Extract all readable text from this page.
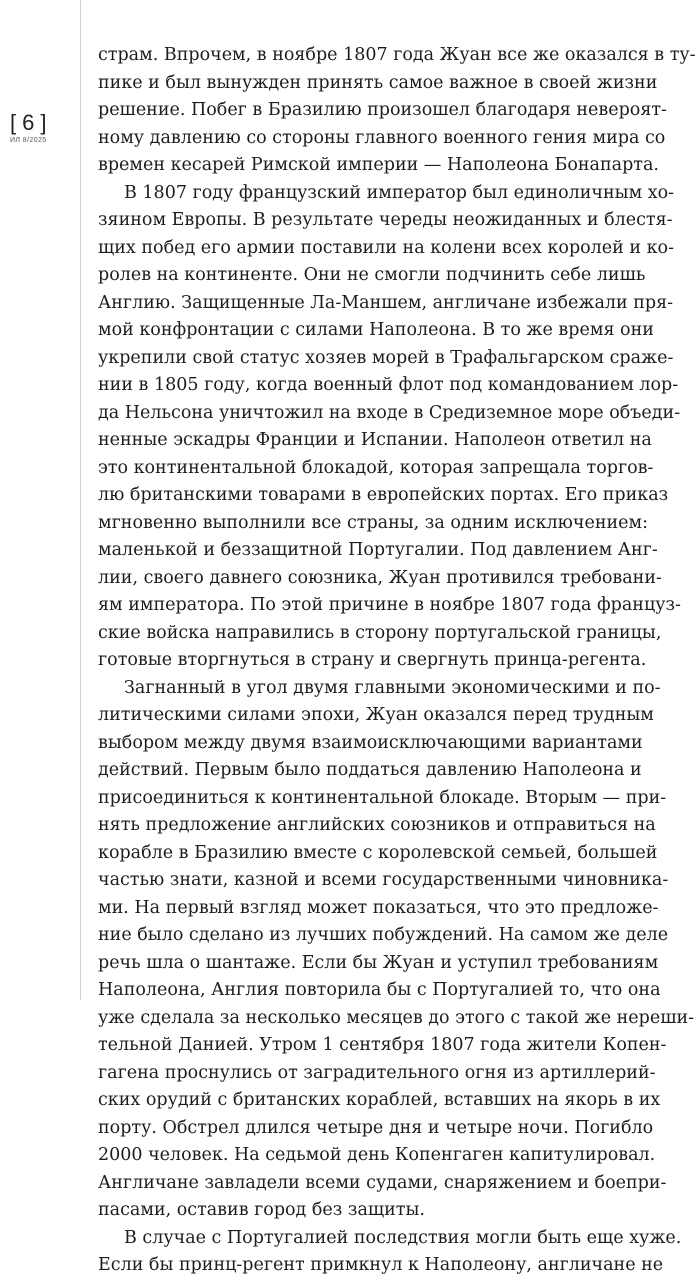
[ 6 ]
ИЛ 8/2025
страм. Впрочем, в ноябре 1807 года Жуан все же оказался в ту-
пике и был вынужден принять самое важное в своей жизни
решение. Побег в Бразилию произошел благодаря невероят-
ному давлению со стороны главного военного гения мира со
времен кесарей Римской империи — Наполеона Бонапарта.
В 1807 году французский император был единоличным хо-
зяином Европы. В результате череды неожиданных и блестя-
щих побед его армии поставили на колени всех королей и ко-
ролев на континенте. Они не смогли подчинить себе лишь
Англию. Защищенные Ла-Маншем, англичане избежали пря-
мой конфронтации с силами Наполеона. В то же время они
укрепили свой статус хозяев морей в Трафальгарском сраже-
нии в 1805 году, когда военный флот под командованием лор-
да Нельсона уничтожил на входе в Средиземное море объеди-
ненные эскадры Франции и Испании. Наполеон ответил на
это континентальной блокадой, которая запрещала торгов-
лю британскими товарами в европейских портах. Его приказ
мгновенно выполнили все страны, за одним исключением:
маленькой и беззащитной Португалии. Под давлением Анг-
лии, своего давнего союзника, Жуан противился требовани-
ям императора. По этой причине в ноябре 1807 года француз-
ские войска направились в сторону португальской границы,
готовые вторгнуться в страну и свергнуть принца-регента.
Загнанный в угол двумя главными экономическими и по-
литическими силами эпохи, Жуан оказался перед трудным
выбором между двумя взаимоисключающими вариантами
действий. Первым было поддаться давлению Наполеона и
присоединиться к континентальной блокаде. Вторым — при-
нять предложение английских союзников и отправиться на
корабле в Бразилию вместе с королевской семьей, большей
частью знати, казной и всеми государственными чиновника-
ми. На первый взгляд может показаться, что это предложе-
ние было сделано из лучших побуждений. На самом же деле
речь шла о шантаже. Если бы Жуан и уступил требованиям
Наполеона, Англия повторила бы с Португалией то, что она
уже сделала за несколько месяцев до этого с такой же нереши-
тельной Данией. Утром 1 сентября 1807 года жители Копен-
гагена проснулись от заградительного огня из артиллерий-
ских орудий с британских кораблей, вставших на якорь в их
порту. Обстрел длился четыре дня и четыре ночи. Погибло
2000 человек. На седьмой день Копенгаген капитулировал.
Англичане завладели всеми судами, снаряжением и боепри-
пасами, оставив город без защиты.
В случае с Португалией последствия могли быть еще хуже.
Если бы принц-регент примкнул к Наполеону, англичане не
